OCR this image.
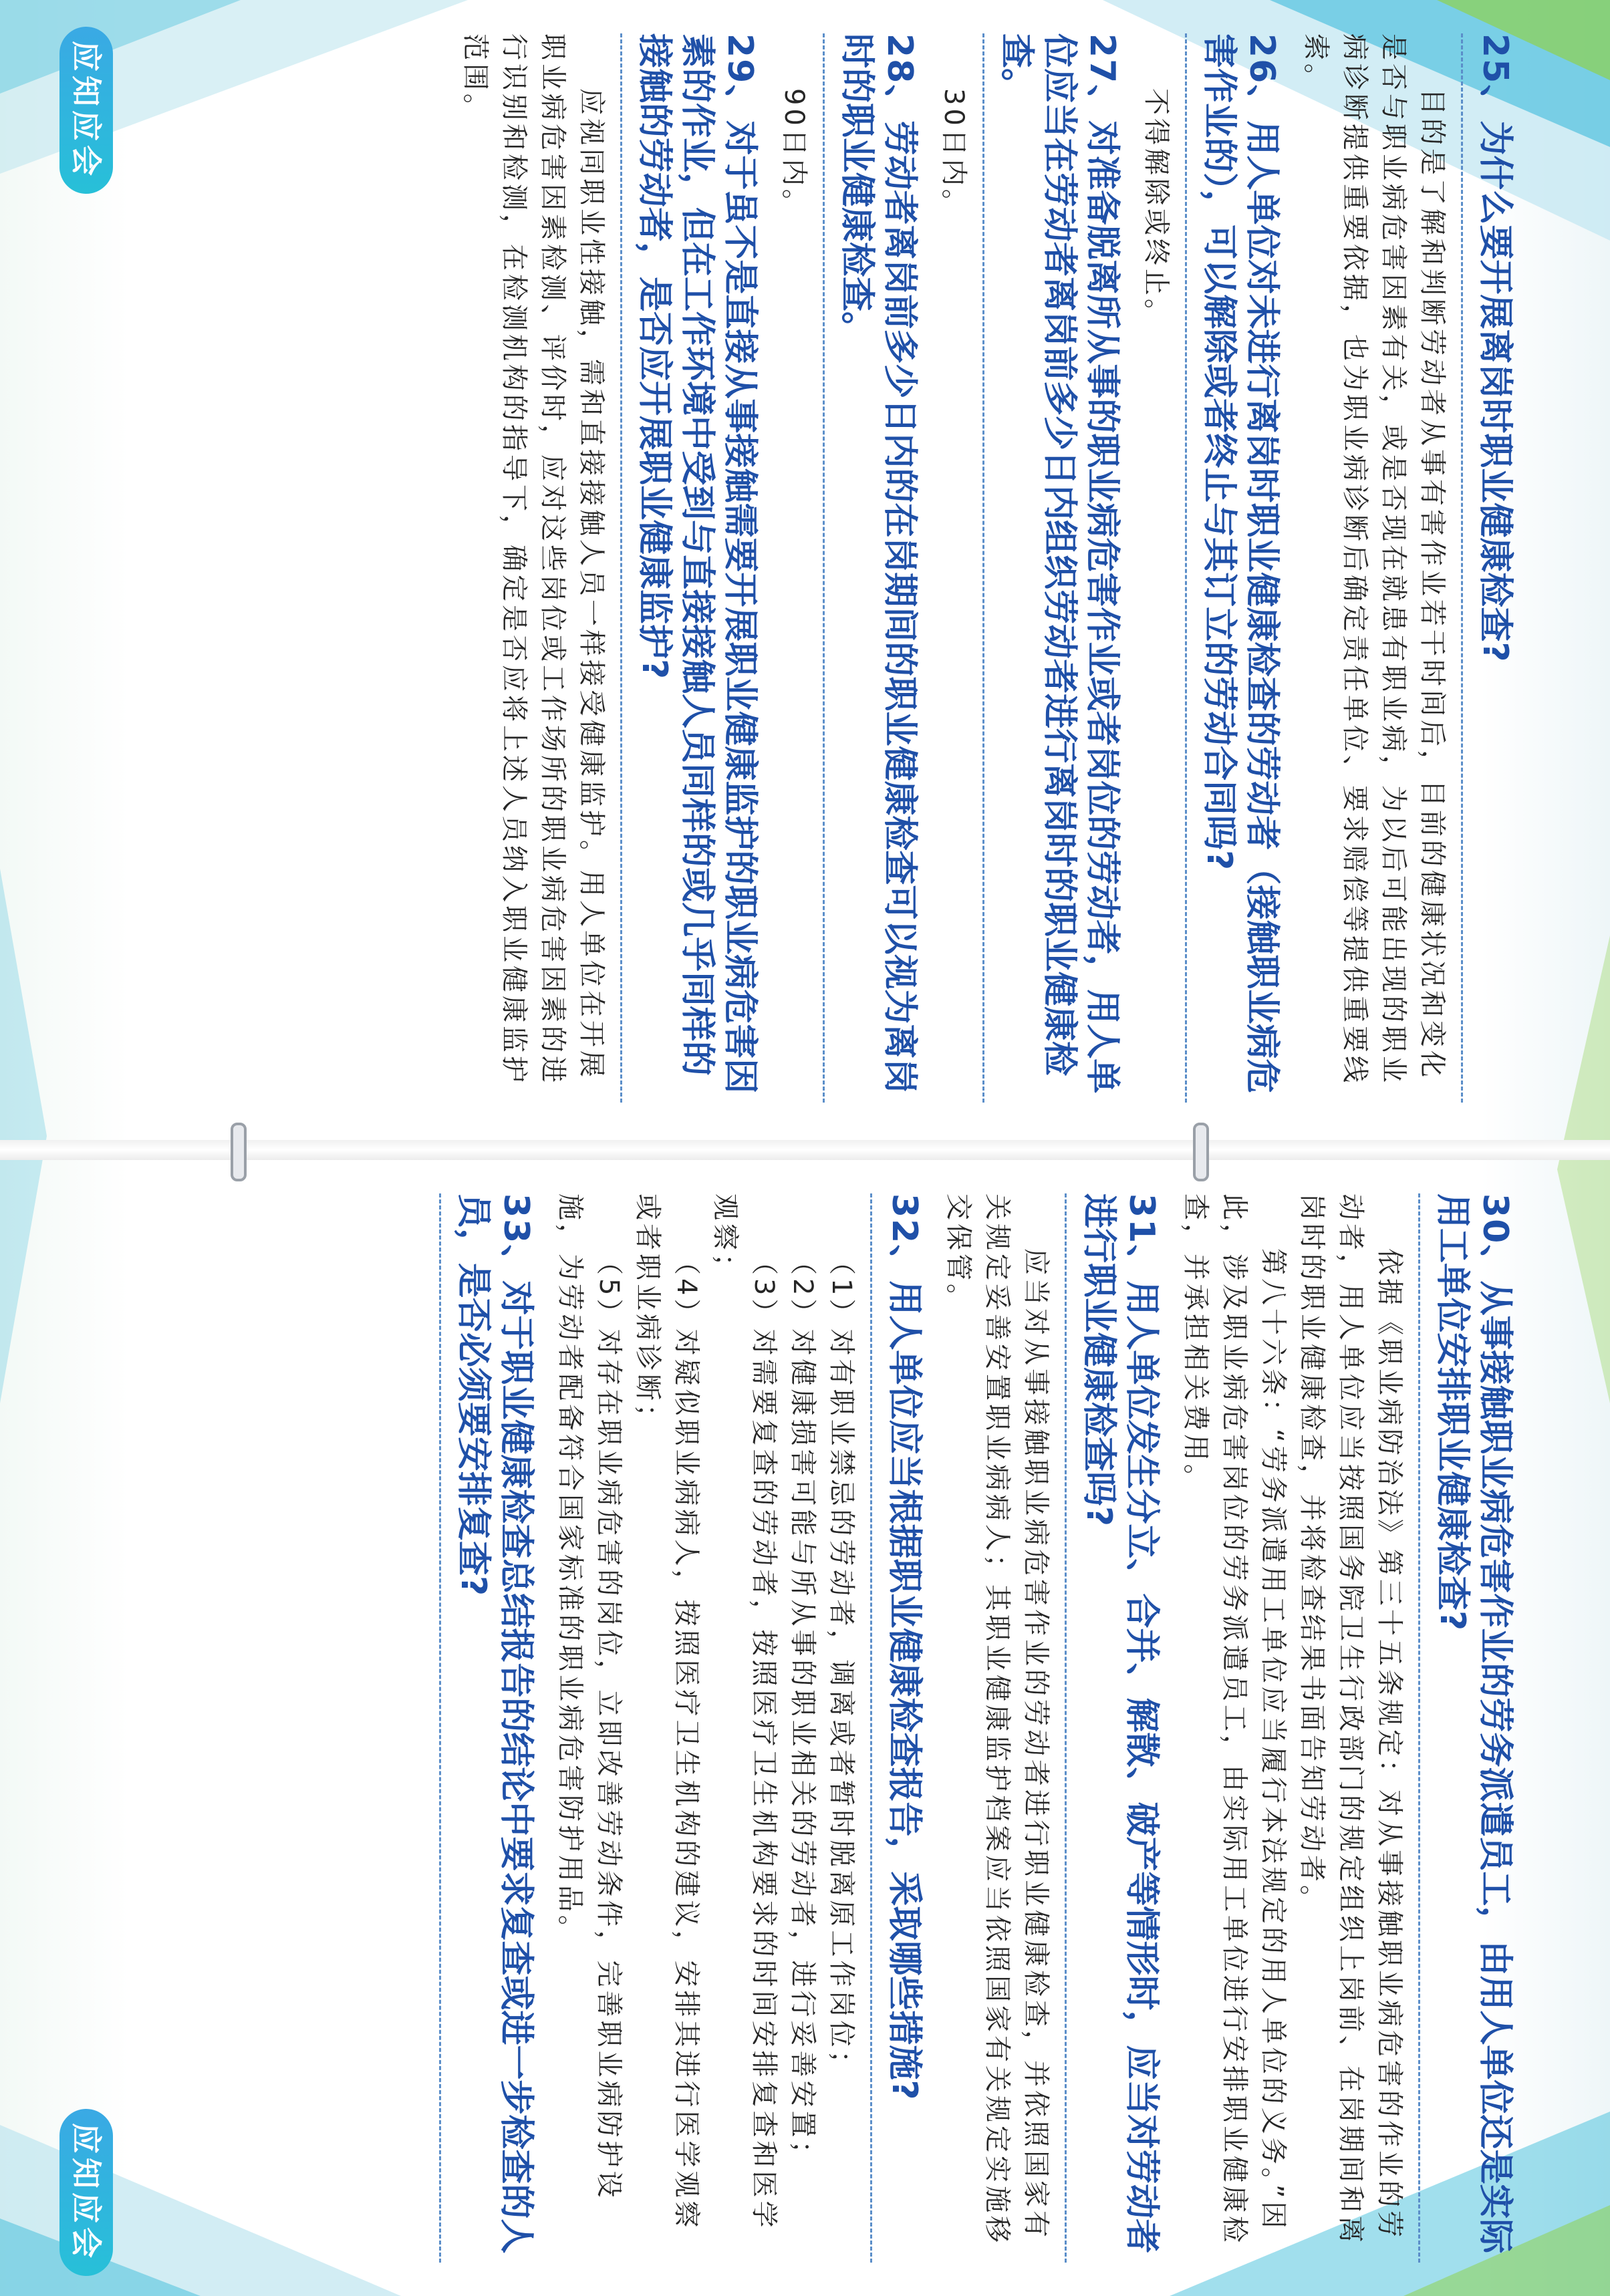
应知应会	25、为什么要开展离岗时职业健康检查?

目的是了解和判断劳动者从事有害作业若干时间后，目前的健康状况和变化是否与职业病危害因素有关，或是否现在就患有职业病，为以后可能出现的职业病诊断提供重要依据，也为职业病诊断后确定责任单位、要求赔偿等提供重要线索。

26、用人单位对未进行离岗时职业健康检查的劳动者（接触职业病危害作业的），可以解除或者终止与其订立的劳动合同吗?

不得解除或终止。

27、对准备脱离所从事的职业病危害作业或者岗位的劳动者，用人单位应当在劳动者离岗前多少日内组织劳动者进行离岗时的职业健康检查。

30日内。

28、劳动者离岗前多少日内的在岗期间的职业健康检查可以视为离岗时的职业健康检查。

90日内。

29、对于虽不是直接从事接触需要开展职业健康监护的职业病危害因素的作业，但在工作环境中受到与直接接触人员同样的或几乎同样的接触的劳动者，是否应开展职业健康监护?

应视同职业性接触，需和直接接触人员一样接受健康监护。用人单位在开展职业病危害因素检测、评价时，应对这些岗位或工作场所的职业病危害因素的进行识别和检测，在检测机构的指导下，确定是否应将上述人员纳入职业健康监护范围。

应知应会
30、从事接触职业病危害作业的劳务派遣员工，由用人单位还是实际用工单位安排职业健康检查?

依据《职业病防治法》第三十五条规定：对从事接触职业病危害的作业的劳动者，用人单位应当按照国务院卫生行政部门的规定组织上岗前、在岗期间和离岗时的职业健康检查，并将检查结果书面告知劳动者。

第八十六条：“劳务派遣用工单位应当履行本法规定的用人单位的义务。”因此，涉及职业病危害岗位的劳务派遣员工，由实际用工单位进行安排职业健康检查，并承担相关费用。

31、用人单位发生分立、合并、解散、破产等情形时，应当对劳动者进行职业健康检查吗?

应当对从事接触职业病危害作业的劳动者进行职业健康检查，并依照国家有关规定妥善安置职业病病人；其职业健康监护档案应当依照国家有关规定实施移交保管。

32、用人单位应当根据职业健康检查报告，采取哪些措施?

（1）对有职业禁忌的劳动者，调离或者暂时脱离原工作岗位；

（2）对健康损害可能与所从事的职业相关的劳动者，进行妥善安置；

（3）对需要复查的劳动者，按照医疗卫生机构要求的时间安排复查和医学观察；

（4）对疑似职业病病人，按照医疗卫生机构的建议，安排其进行医学观察或者职业病诊断；

（5）对存在职业病危害的岗位，立即改善劳动条件，完善职业病防护设施，为劳动者配备符合国家标准的职业病危害防护用品。

33、对于职业健康检查总结报告的结论中要求复查或进一步检查的人员，是否必须要安排复查?
